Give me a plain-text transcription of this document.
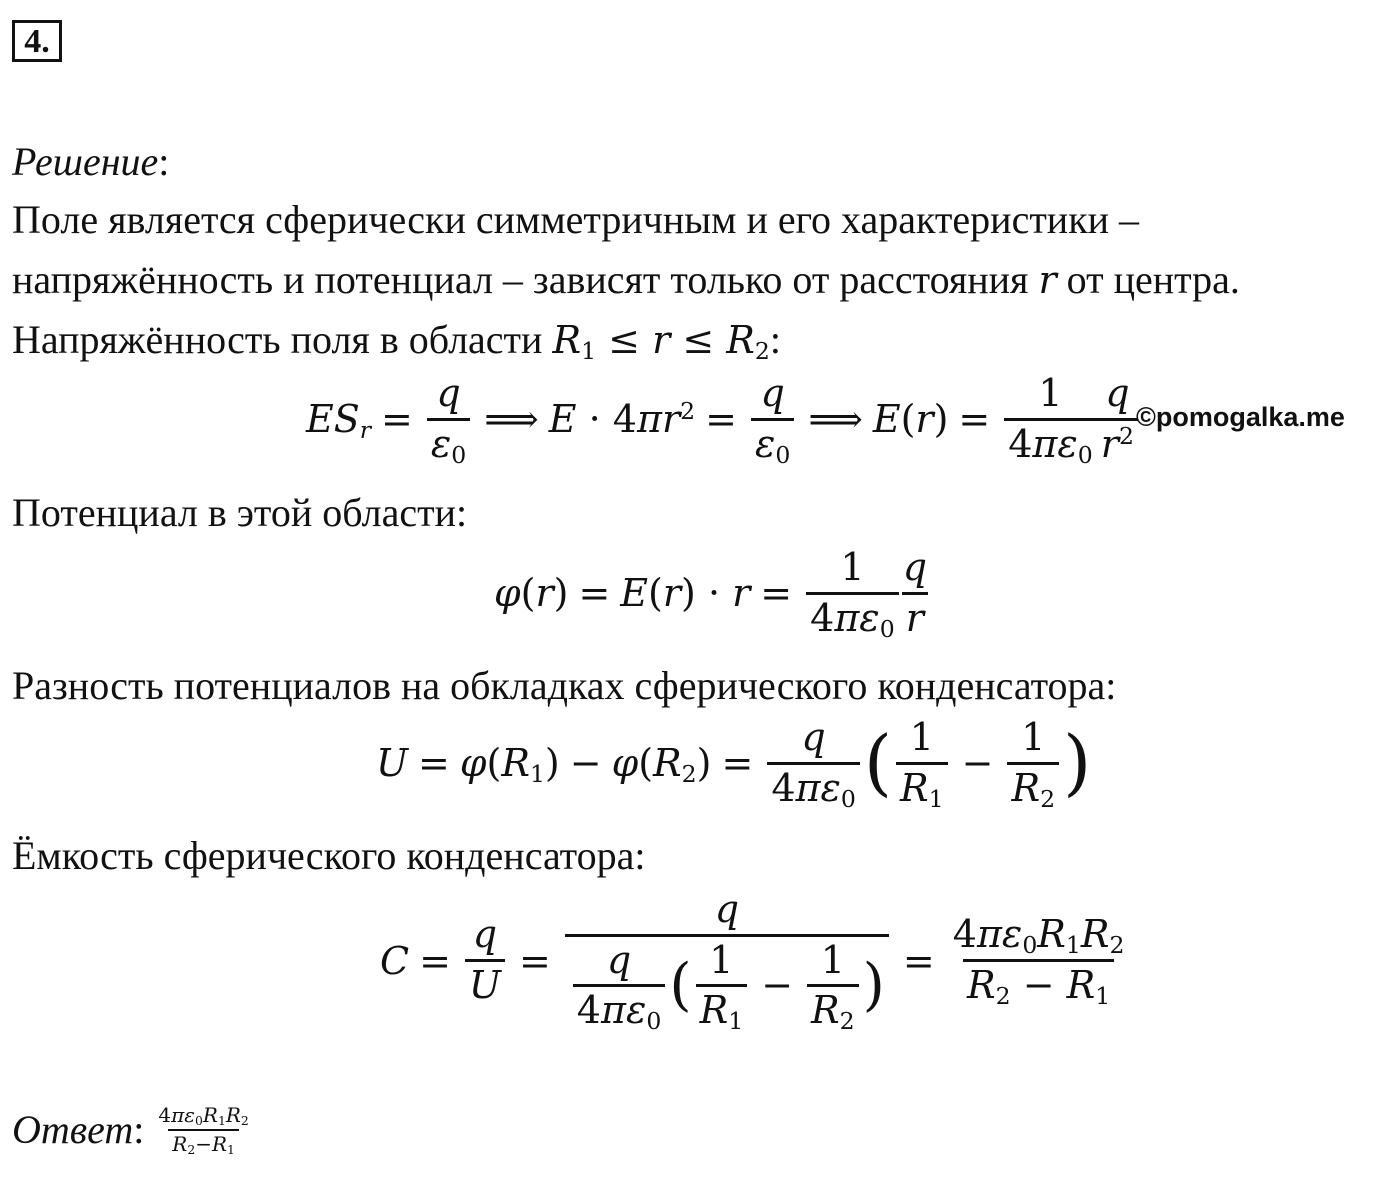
4.
Решение:
Поле является сферически симметричным и его характеристики –
напряжённость и потенциал – зависят только от расстояния r от центра.
Напряжённость поля в области $R_1 \le r \le R_2$:
$ES_r = \frac{q}{\varepsilon_0}$ ⟹ $E \cdot 4\pi r^2 = \frac{q}{\varepsilon_0}$ ⟹ $E(r) = \frac{1}{4\pi\varepsilon_0} \frac{q}{r^2}$
©pomogalka.me
Потенциал в этой области:
$\varphi(r) = E(r) \cdot r = \frac{1}{4\pi\varepsilon_0} \frac{q}{r}$
Разность потенциалов на обкладках сферического конденсатора:
$U = \varphi(R_1) - \varphi(R_2) = \frac{q}{4\pi\varepsilon_0}$ ( $\frac{1}{R_1} - \frac{1}{R_2}$ )
Ёмкость сферического конденсатора:
$C = \frac{q}{U} = \frac{q}{\frac{q}{4\pi\varepsilon_0} ( \frac{1}{R_1} - \frac{1}{R_2} )} = \frac{4\pi\varepsilon_0R_1R_2}{R_2 - R_1}$
Ответ : $\frac{4\pi\varepsilon_0R_1R_2}{R_2-R_1}$
